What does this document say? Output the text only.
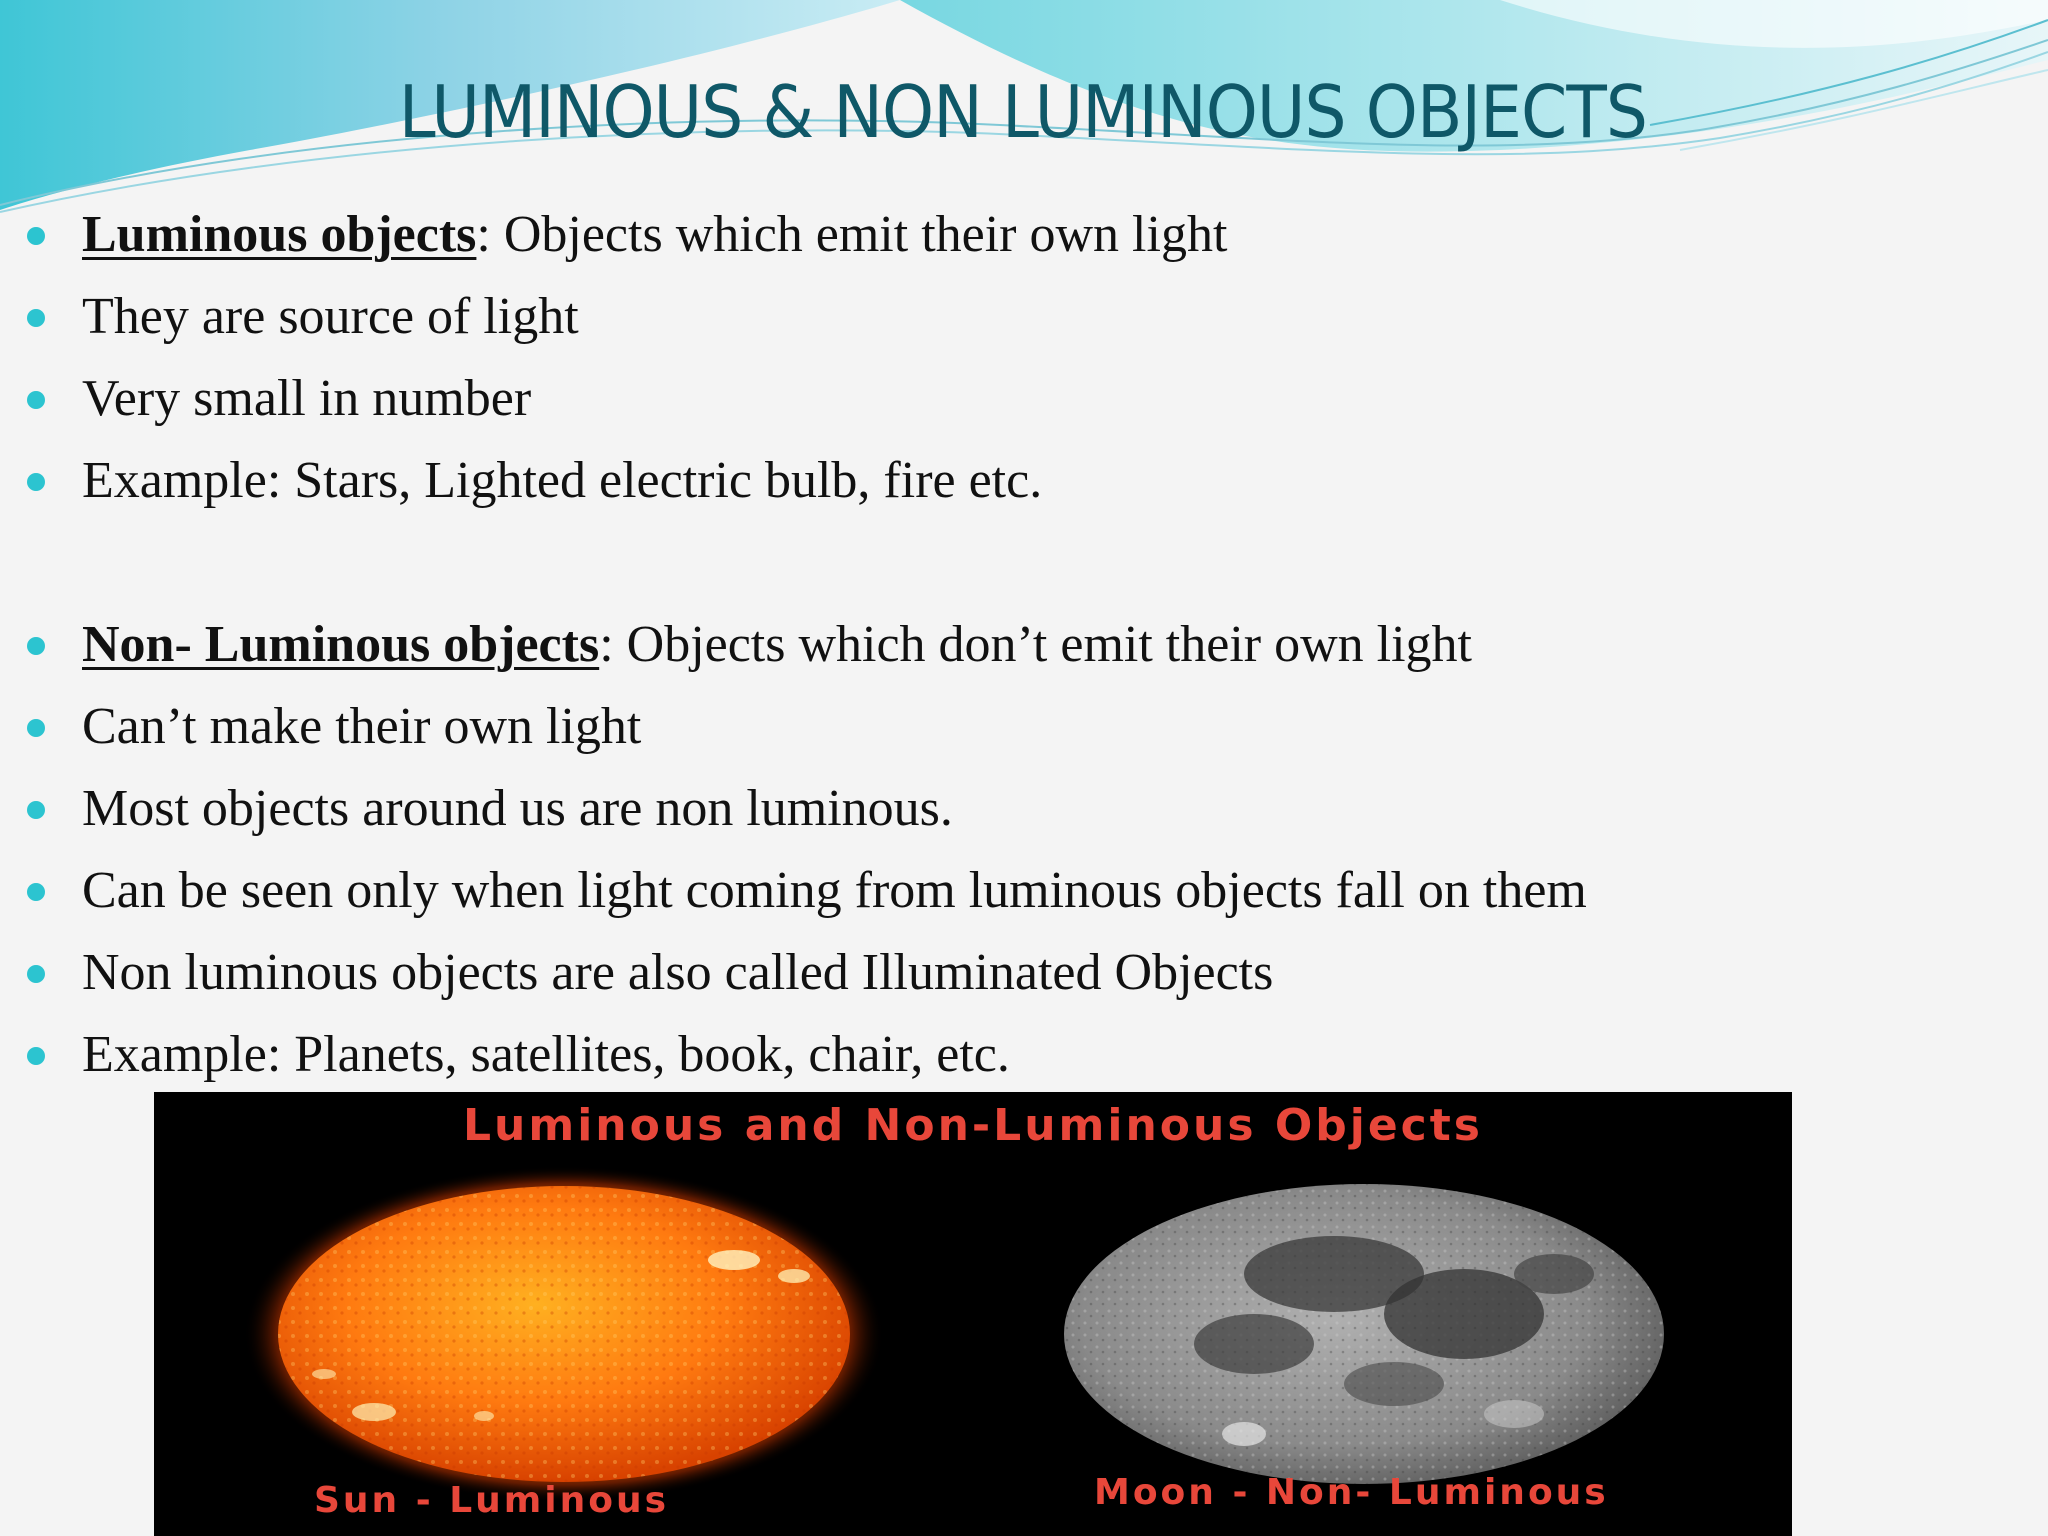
LUMINOUS & NON LUMINOUS OBJECTS
Luminous objects: Objects which emit their own light
They are source of light
Very small in number
Example: Stars, Lighted electric bulb, fire etc.
Non- Luminous objects: Objects which don’t emit their own light
Can’t make their own light
Most objects around us are non luminous.
Can be seen only when light coming from luminous objects fall on them
Non luminous objects are also called Illuminated Objects
Example: Planets, satellites, book, chair, etc.
Luminous and Non-Luminous Objects
Sun - Luminous	Moon - Non- Luminous
